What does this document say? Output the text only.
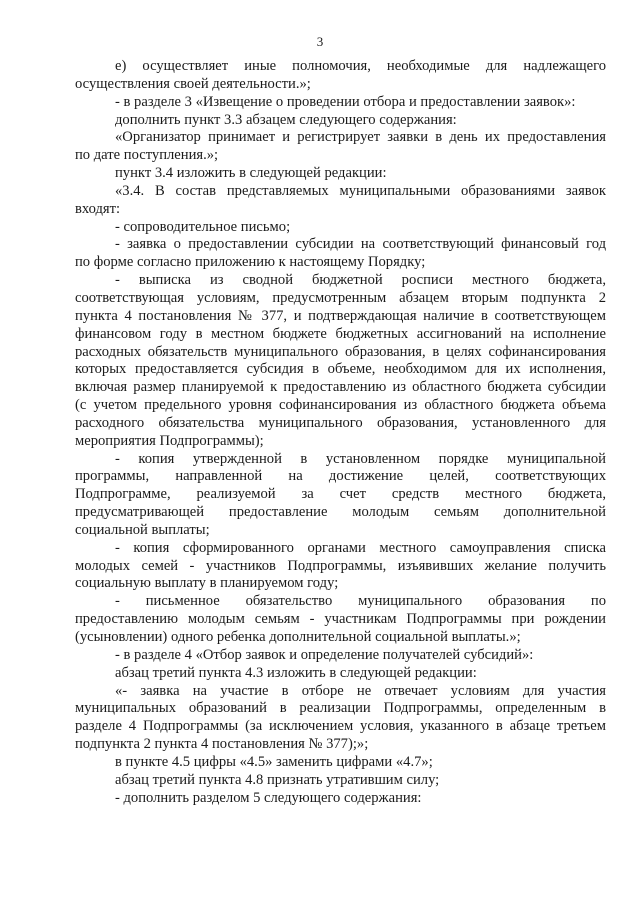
3
е) осуществляет иные полномочия, необходимые для надлежащего
осуществления своей деятельности.»;
- в разделе 3 «Извещение о проведении отбора и предоставлении заявок»:
дополнить пункт 3.3 абзацем следующего содержания:
«Организатор принимает и регистрирует заявки в день их предоставления
по дате поступления.»;
пункт 3.4 изложить в следующей редакции:
«3.4. В состав представляемых муниципальными образованиями заявок
входят:
- сопроводительное письмо;
- заявка о предоставлении субсидии на соответствующий финансовый год
по форме согласно приложению к настоящему Порядку;
- выписка из сводной бюджетной росписи местного бюджета,
соответствующая условиям, предусмотренным абзацем вторым подпункта 2
пункта 4 постановления № 377, и подтверждающая наличие в соответствующем
финансовом году в местном бюджете бюджетных ассигнований на исполнение
расходных обязательств муниципального образования, в целях софинансирования
которых предоставляется субсидия в объеме, необходимом для их исполнения,
включая размер планируемой к предоставлению из областного бюджета субсидии
(с учетом предельного уровня софинансирования из областного бюджета объема
расходного обязательства муниципального образования, установленного для
мероприятия Подпрограммы);
- копия утвержденной в установленном порядке муниципальной
программы, направленной на достижение целей, соответствующих
Подпрограмме, реализуемой за счет средств местного бюджета,
предусматривающей предоставление молодым семьям дополнительной
социальной выплаты;
- копия сформированного органами местного самоуправления списка
молодых семей - участников Подпрограммы, изъявивших желание получить
социальную выплату в планируемом году;
- письменное обязательство муниципального образования по
предоставлению молодым семьям - участникам Подпрограммы при рождении
(усыновлении) одного ребенка дополнительной социальной выплаты.»;
- в разделе 4 «Отбор заявок и определение получателей субсидий»:
абзац третий пункта 4.3 изложить в следующей редакции:
«- заявка на участие в отборе не отвечает условиям для участия
муниципальных образований в реализации Подпрограммы, определенным в
разделе 4 Подпрограммы (за исключением условия, указанного в абзаце третьем
подпункта 2 пункта 4 постановления № 377);»;
в пункте 4.5 цифры «4.5» заменить цифрами «4.7»;
абзац третий пункта 4.8 признать утратившим силу;
- дополнить разделом 5 следующего содержания:
